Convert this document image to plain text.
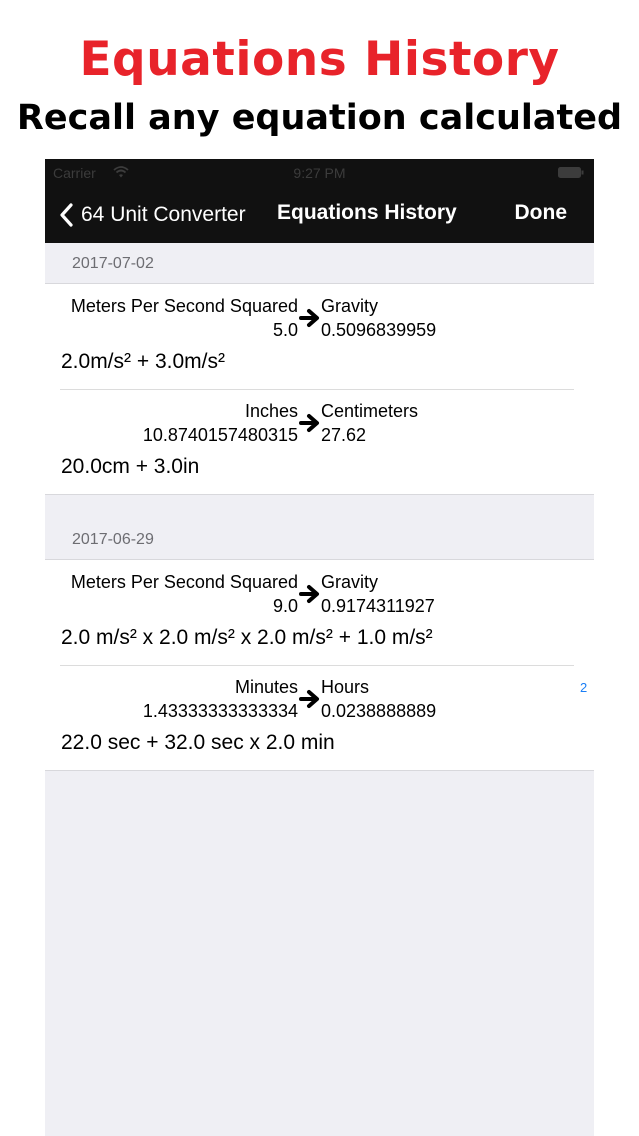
Equations History
Recall any equation calculated
Carrier	9:27 PM
64 Unit Converter Equations History	Done
2017-07-02
Meters Per Second Squared
5.0
Gravity
0.5096839959
2.0m/s² + 3.0m/s²
Inches
10.8740157480315
Centimeters
27.62
20.0cm + 3.0in
2017-06-29
Meters Per Second Squared
9.0
Gravity
0.9174311927
2.0 m/s² x 2.0 m/s² x 2.0 m/s² + 1.0 m/s²
Minutes
1.43333333333334
Hours
0.0238888889
22.0 sec + 32.0 sec x 2.0 min
2
